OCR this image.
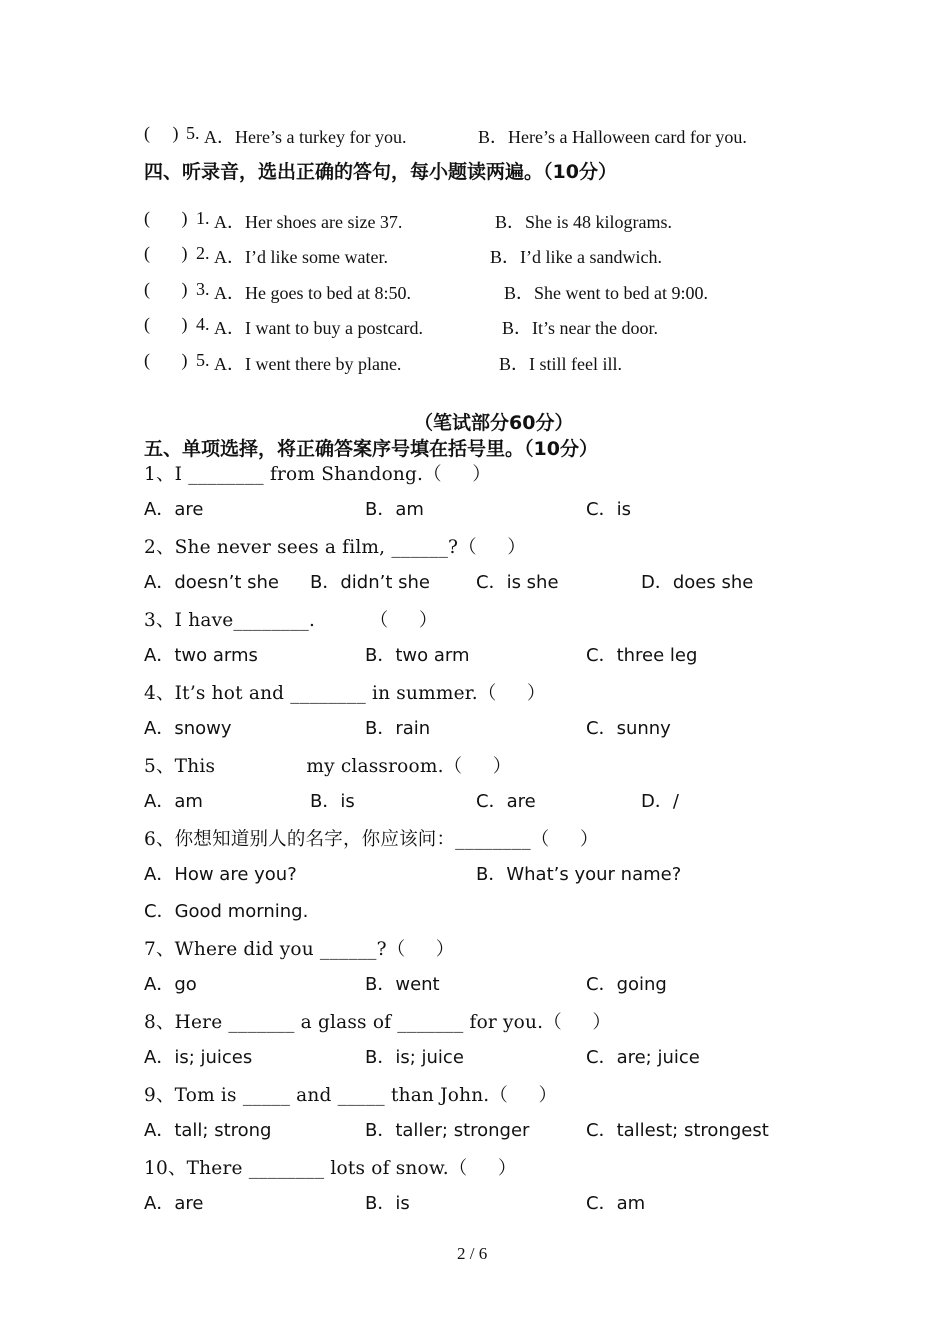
(     ) 5. A．Here’s a turkey for you.	B．Here’s a Halloween card for you.
四、听录音，选出正确的答句，每小题读两遍。（10分）
(       ) 1. A．Her shoes are size 37.	B．She is 48 kilograms.
(       ) 2. A．I’d like some water.	B．I’d like a sandwich.
(       ) 3. A．He goes to bed at 8:50.	B．She went to bed at 9:00.
(       ) 4. A．I want to buy a postcard.	B．It’s near the door.
(       ) 5. A．I went there by plane.	B．I still feel ill.
（笔试部分60分）
五、单项选择，将正确答案序号填在括号里。（10分）
1、I ________ from Shandong.（     ）
A．are	B．am	C．is
2、She never sees a film, ______?（     ）
A．doesn’t she B．didn’t she	C．is she	D．does she
3、I have________.         （     ）
A．two arms	B．two arm	C．three leg
4、It’s hot and ________ in summer.（     ）
A．snowy	B．rain	C．sunny
5、This               my classroom.（     ）
A．am	B．is	C．are	D．/
6、你想知道别人的名字，你应该问：________（     ）
A．How are you?	B．What’s your name?
C．Good morning.
7、Where did you ______?（     ）
A．go	B．went	C．going
8、Here _______ a glass of _______ for you.（     ）
A．is; juices	B．is; juice	C．are; juice
9、Tom is _____ and _____ than John.（     ）
A．tall; strong	B．taller; stronger	C．tallest; strongest
10、There ________ lots of snow.（     ）
A．are	B．is	C．am
2 / 6
